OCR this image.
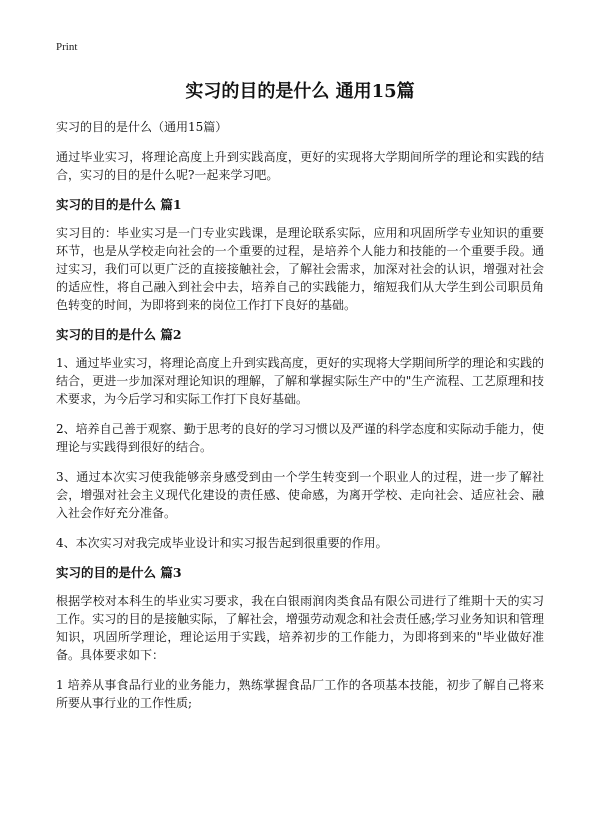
Print
实习的目的是什么 通用15篇
实习的目的是什么（通用15篇）

通过毕业实习，将理论高度上升到实践高度，更好的实现将大学期间所学的理论和实践的结合，实习的目的是什么呢?一起来学习吧。

实习的目的是什么 篇1

实习目的：毕业实习是一门专业实践课，是理论联系实际，应用和巩固所学专业知识的重要环节，也是从学校走向社会的一个重要的过程，是培养个人能力和技能的一个重要手段。通过实习，我们可以更广泛的直接接触社会，了解社会需求，加深对社会的认识，增强对社会的适应性，将自己融入到社会中去，培养自己的实践能力，缩短我们从大学生到公司职员角色转变的时间，为即将到来的岗位工作打下良好的基础。

实习的目的是什么 篇2

1、通过毕业实习，将理论高度上升到实践高度，更好的实现将大学期间所学的理论和实践的结合，更进一步加深对理论知识的理解，了解和掌握实际生产中的"生产流程、工艺原理和技术要求，为今后学习和实际工作打下良好基础。

2、培养自己善于观察、勤于思考的良好的学习习惯以及严谨的科学态度和实际动手能力，使理论与实践得到很好的结合。

3、通过本次实习使我能够亲身感受到由一个学生转变到一个职业人的过程，进一步了解社会，增强对社会主义现代化建设的责任感、使命感，为离开学校、走向社会、适应社会、融入社会作好充分准备。

4、本次实习对我完成毕业设计和实习报告起到很重要的作用。

实习的目的是什么 篇3

根据学校对本科生的毕业实习要求，我在白银雨润肉类食品有限公司进行了维期十天的实习工作。实习的目的是接触实际，了解社会，增强劳动观念和社会责任感;学习业务知识和管理知识，巩固所学理论，理论运用于实践，培养初步的工作能力，为即将到来的"毕业做好准备。具体要求如下：

1 培养从事食品行业的业务能力，熟练掌握食品厂工作的各项基本技能，初步了解自己将来所要从事行业的工作性质;
